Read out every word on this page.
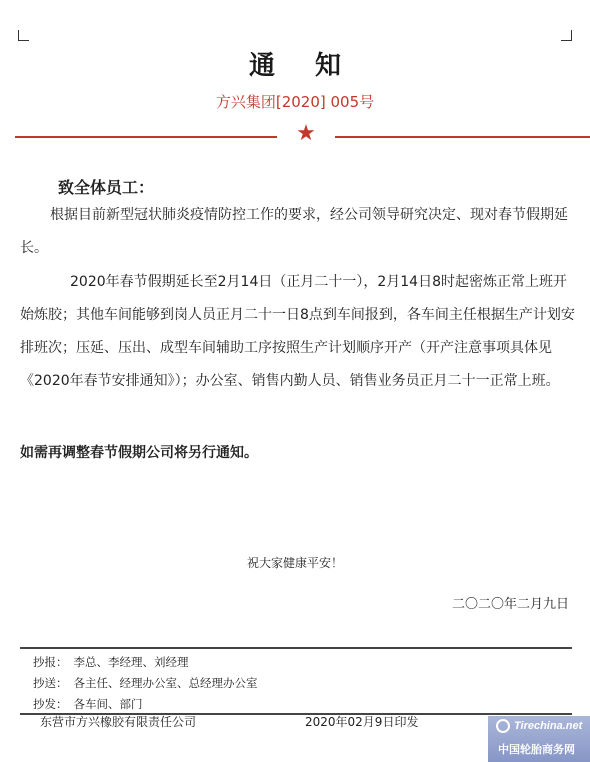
通知
方兴集团[2020] 005号
★
致全体员工：
根据目前新型冠状肺炎疫情防控工作的要求，经公司领导研究决定、现对春节假期延长。
2020年春节假期延长至2月14日（正月二十一），2月14日8时起密炼正常上班开始炼胶；其他车间能够到岗人员正月二十一日8点到车间报到，各车间主任根据生产计划安排班次；压延、压出、成型车间辅助工序按照生产计划顺序开产（开产注意事项具体见《2020年春节安排通知》）；办公室、销售内勤人员、销售业务员正月二十一正常上班。
如需再调整春节假期公司将另行通知。
祝大家健康平安！
二〇二〇年二月九日
抄报： 李总、李经理、刘经理
抄送： 各主任、经理办公室、总经理办公室
抄发： 各车间、部门
东营市方兴橡胶有限责任公司	2020年02月9日印发	Tirechina.net
中国轮胎商务网
